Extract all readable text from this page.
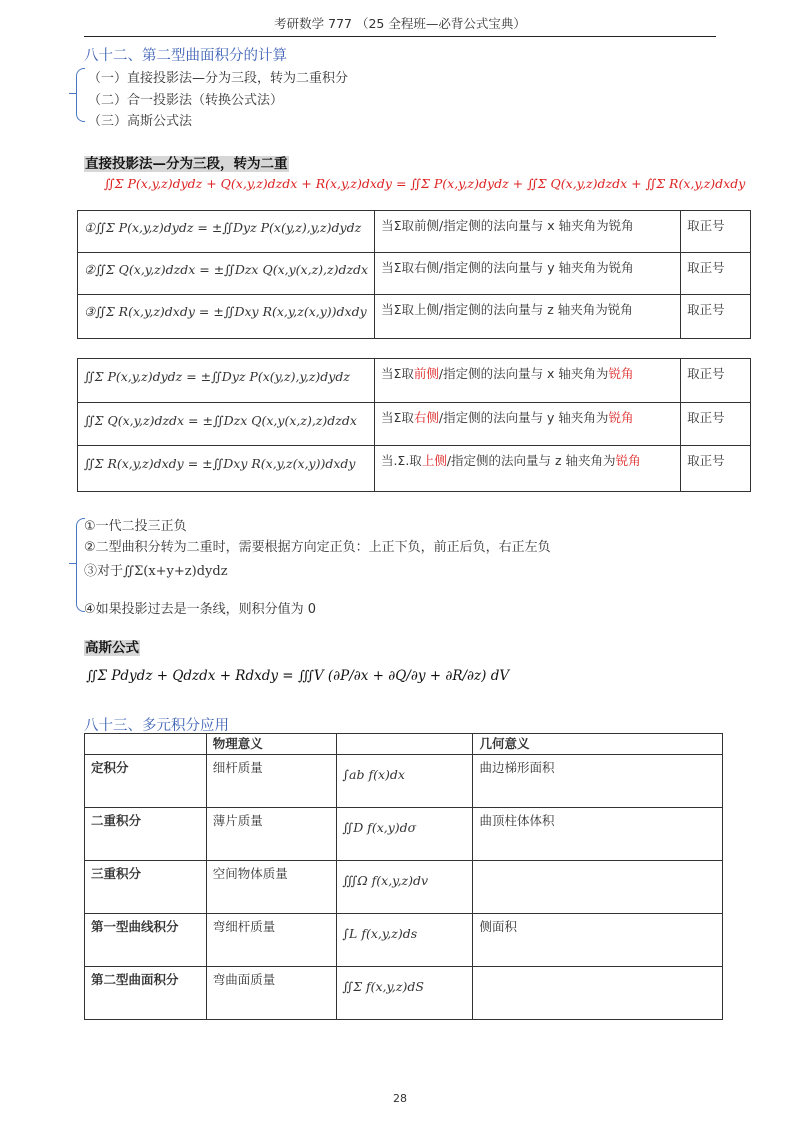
考研数学 777 （25 全程班—必背公式宝典）
八十二、第二型曲面积分的计算
（一）直接投影法—分为三段，转为二重积分
（二）合一投影法（转换公式法）
（三）高斯公式法
直接投影法—分为三段，转为二重
∬Σ P(x,y,z)dydz + Q(x,y,z)dzdx + R(x,y,z)dxdy = ∬Σ P(x,y,z)dydz + ∬Σ Q(x,y,z)dzdx + ∬Σ R(x,y,z)dxdy
①∬Σ P(x,y,z)dydz = ±∬Dyz P(x(y,z),y,z)dydz	当Σ取前侧/指定侧的法向量与 x 轴夹角为锐角	取正号
②∬Σ Q(x,y,z)dzdx = ±∬Dzx Q(x,y(x,z),z)dzdx	当Σ取右侧/指定侧的法向量与 y 轴夹角为锐角	取正号
③∬Σ R(x,y,z)dxdy = ±∬Dxy R(x,y,z(x,y))dxdy	当Σ取上侧/指定侧的法向量与 z 轴夹角为锐角	取正号
∬Σ P(x,y,z)dydz = ±∬Dyz P(x(y,z),y,z)dydz	当Σ取前侧/指定侧的法向量与 x 轴夹角为锐角	取正号
∬Σ Q(x,y,z)dzdx = ±∬Dzx Q(x,y(x,z),z)dzdx	当Σ取右侧/指定侧的法向量与 y 轴夹角为锐角	取正号
∬Σ R(x,y,z)dxdy = ±∬Dxy R(x,y,z(x,y))dxdy	当.Σ.取上侧/指定侧的法向量与 z 轴夹角为锐角	取正号
①一代二投三正负
②二型曲积分转为二重时，需要根据方向定正负：上正下负，前正后负，右正左负
③对于∬Σ(x+y+z)dydz
④如果投影过去是一条线，则积分值为 0
高斯公式
∬Σ Pdydz + Qdzdx + Rdxdy = ∭V (∂P/∂x + ∂Q/∂y + ∂R/∂z) dV
八十三、多元积分应用
	物理意义		几何意义
定积分	细杆质量	∫ab f(x)dx	曲边梯形面积
二重积分	薄片质量	∬D f(x,y)dσ	曲顶柱体体积
三重积分	空间物体质量	∭Ω f(x,y,z)dv	
第一型曲线积分	弯细杆质量	∫L f(x,y,z)ds	侧面积
第二型曲面积分	弯曲面质量	∬Σ f(x,y,z)dS	
28
